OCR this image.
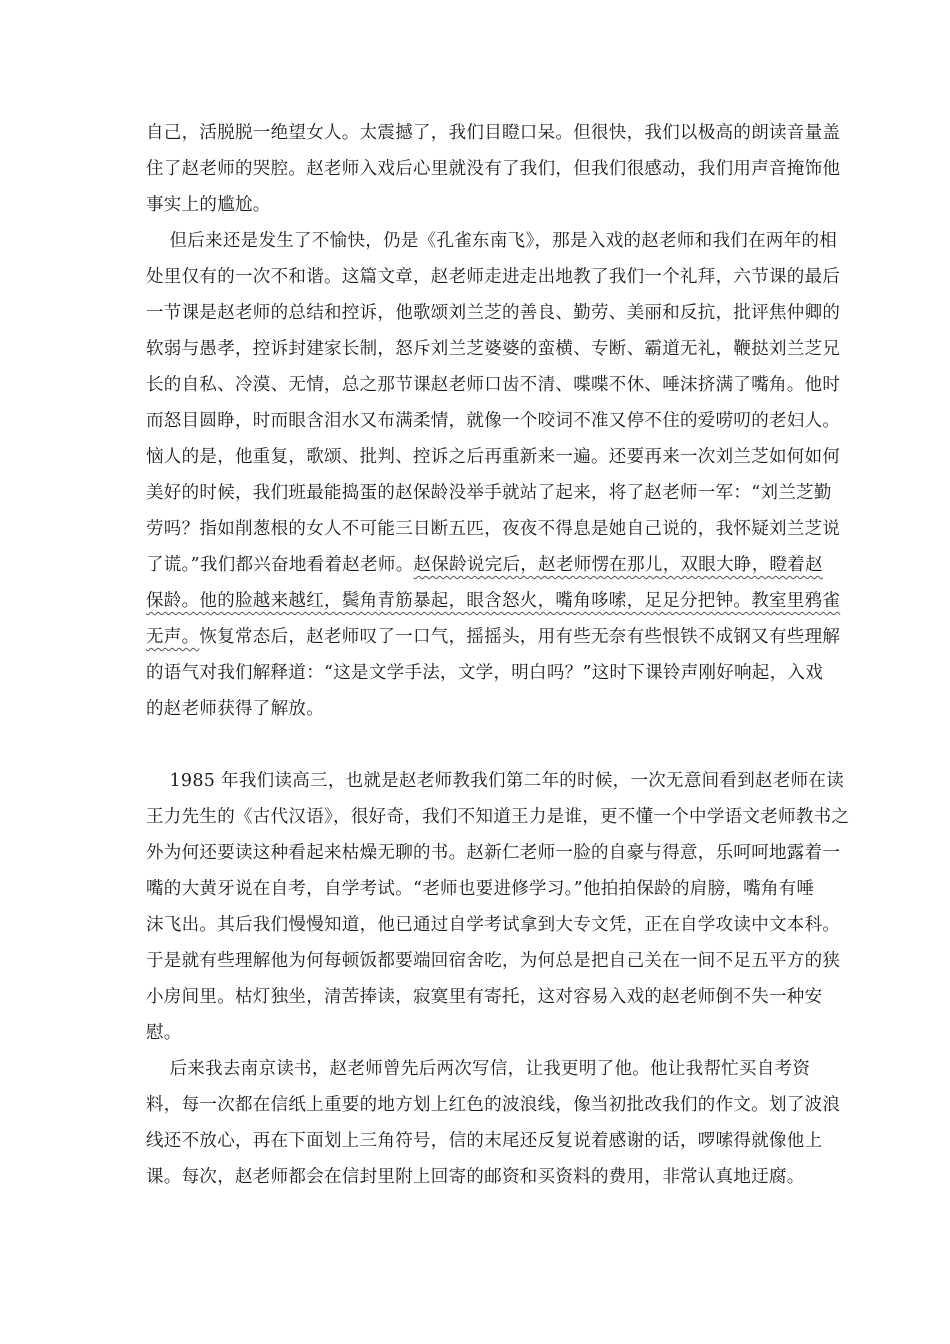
自己，活脱脱一绝望女人。太震撼了，我们目瞪口呆。但很快，我们以极高的朗读音量盖
住了赵老师的哭腔。赵老师入戏后心里就没有了我们，但我们很感动，我们用声音掩饰他
事实上的尴尬。
但后来还是发生了不愉快，仍是《孔雀东南飞》，那是入戏的赵老师和我们在两年的相
处里仅有的一次不和谐。这篇文章，赵老师走进走出地教了我们一个礼拜，六节课的最后
一节课是赵老师的总结和控诉，他歌颂刘兰芝的善良、勤劳、美丽和反抗，批评焦仲卿的
软弱与愚孝，控诉封建家长制，怒斥刘兰芝婆婆的蛮横、专断、霸道无礼，鞭挞刘兰芝兄
长的自私、冷漠、无情，总之那节课赵老师口齿不清、喋喋不休、唾沫挤满了嘴角。他时
而怒目圆睁，时而眼含泪水又布满柔情，就像一个咬词不准又停不住的爱唠叨的老妇人。
恼人的是，他重复，歌颂、批判、控诉之后再重新来一遍。还要再来一次刘兰芝如何如何
美好的时候，我们班最能捣蛋的赵保龄没举手就站了起来，将了赵老师一军：“刘兰芝勤
劳吗？指如削葱根的女人不可能三日断五匹，夜夜不得息是她自己说的，我怀疑刘兰芝说
了谎。”我们都兴奋地看着赵老师。赵保龄说完后，赵老师愣在那儿，双眼大睁，瞪着赵
保龄。他的脸越来越红，鬓角青筋暴起，眼含怒火，嘴角哆嗦，足足分把钟。教室里鸦雀
无声。恢复常态后，赵老师叹了一口气，摇摇头，用有些无奈有些恨铁不成钢又有些理解
的语气对我们解释道：“这是文学手法，文学，明白吗？”这时下课铃声刚好响起，入戏
的赵老师获得了解放。
1985 年我们读高三，也就是赵老师教我们第二年的时候，一次无意间看到赵老师在读
王力先生的《古代汉语》，很好奇，我们不知道王力是谁，更不懂一个中学语文老师教书之
外为何还要读这种看起来枯燥无聊的书。赵新仁老师一脸的自豪与得意，乐呵呵地露着一
嘴的大黄牙说在自考，自学考试。“老师也要进修学习。”他拍拍保龄的肩膀，嘴角有唾
沫飞出。其后我们慢慢知道，他已通过自学考试拿到大专文凭，正在自学攻读中文本科。
于是就有些理解他为何每顿饭都要端回宿舍吃，为何总是把自己关在一间不足五平方的狭
小房间里。枯灯独坐，清苦捧读，寂寞里有寄托，这对容易入戏的赵老师倒不失一种安
慰。
后来我去南京读书，赵老师曾先后两次写信，让我更明了他。他让我帮忙买自考资
料，每一次都在信纸上重要的地方划上红色的波浪线，像当初批改我们的作文。划了波浪
线还不放心，再在下面划上三角符号，信的末尾还反复说着感谢的话，啰嗦得就像他上
课。每次，赵老师都会在信封里附上回寄的邮资和买资料的费用，非常认真地迂腐。
